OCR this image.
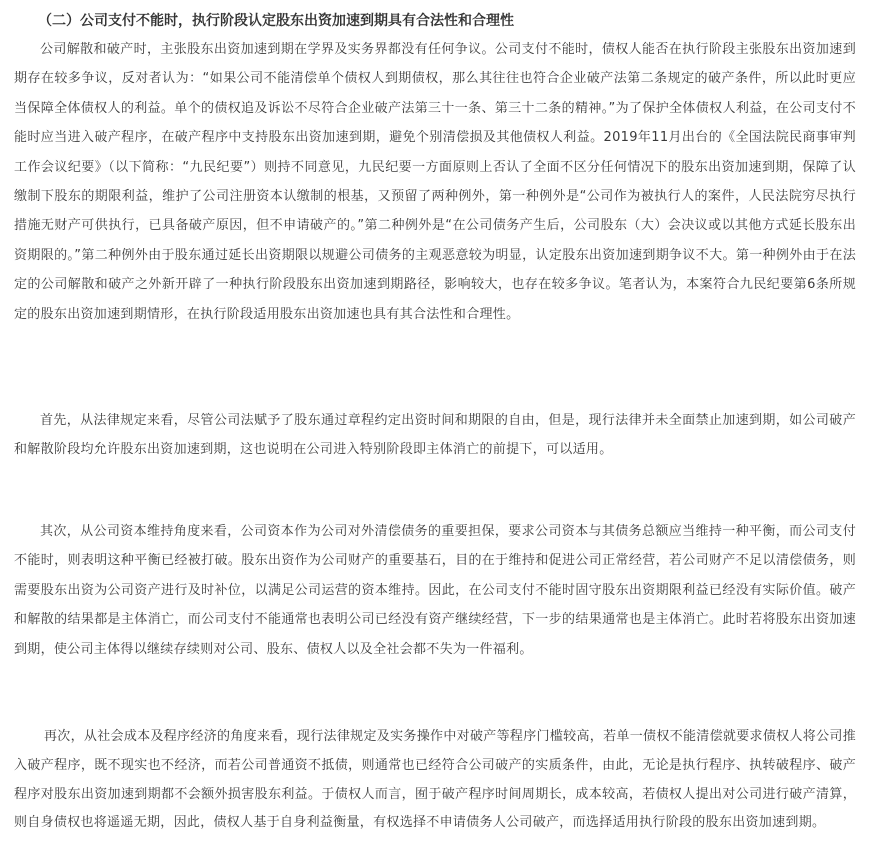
（二）公司支付不能时，执行阶段认定股东出资加速到期具有合法性和合理性

公司解散和破产时，主张股东出资加速到期在学界及实务界都没有任何争议。公司支付不能时，债权人能否在执行阶段主张股东出资加速到期存在较多争议，反对者认为：“如果公司不能清偿单个债权人到期债权，那么其往往也符合企业破产法第二条规定的破产条件，所以此时更应当保障全体债权人的利益。单个的债权追及诉讼不尽符合企业破产法第三十一条、第三十二条的精神。”为了保护全体债权人利益，在公司支付不能时应当进入破产程序，在破产程序中支持股东出资加速到期，避免个别清偿损及其他债权人利益。2019年11月出台的《全国法院民商事审判工作会议纪要》（以下简称：“九民纪要”）则持不同意见，九民纪要一方面原则上否认了全面不区分任何情况下的股东出资加速到期，保障了认缴制下股东的期限利益，维护了公司注册资本认缴制的根基，又预留了两种例外，第一种例外是“公司作为被执行人的案件，人民法院穷尽执行措施无财产可供执行，已具备破产原因，但不申请破产的。”第二种例外是“在公司债务产生后，公司股东（大）会决议或以其他方式延长股东出资期限的。”第二种例外由于股东通过延长出资期限以规避公司债务的主观恶意较为明显，认定股东出资加速到期争议不大。第一种例外由于在法定的公司解散和破产之外新开辟了一种执行阶段股东出资加速到期路径，影响较大，也存在较多争议。笔者认为，本案符合九民纪要第6条所规定的股东出资加速到期情形，在执行阶段适用股东出资加速也具有其合法性和合理性。

首先，从法律规定来看，尽管公司法赋予了股东通过章程约定出资时间和期限的自由，但是，现行法律并未全面禁止加速到期，如公司破产和解散阶段均允许股东出资加速到期，这也说明在公司进入特别阶段即主体消亡的前提下，可以适用。

其次，从公司资本维持角度来看，公司资本作为公司对外清偿债务的重要担保，要求公司资本与其债务总额应当维持一种平衡，而公司支付不能时，则表明这种平衡已经被打破。股东出资作为公司财产的重要基石，目的在于维持和促进公司正常经营，若公司财产不足以清偿债务，则需要股东出资为公司资产进行及时补位，以满足公司运营的资本维持。因此，在公司支付不能时固守股东出资期限利益已经没有实际价值。破产和解散的结果都是主体消亡，而公司支付不能通常也表明公司已经没有资产继续经营，下一步的结果通常也是主体消亡。此时若将股东出资加速到期，使公司主体得以继续存续则对公司、股东、债权人以及全社会都不失为一件福利。

再次，从社会成本及程序经济的角度来看，现行法律规定及实务操作中对破产等程序门槛较高，若单一债权不能清偿就要求债权人将公司推入破产程序，既不现实也不经济，而若公司普通资不抵债，则通常也已经符合公司破产的实质条件，由此，无论是执行程序、执转破程序、破产程序对股东出资加速到期都不会额外损害股东利益。于债权人而言，囿于破产程序时间周期长，成本较高，若债权人提出对公司进行破产清算，则自身债权也将遥遥无期，因此，债权人基于自身利益衡量，有权选择不申请债务人公司破产，而选择适用执行阶段的股东出资加速到期。
